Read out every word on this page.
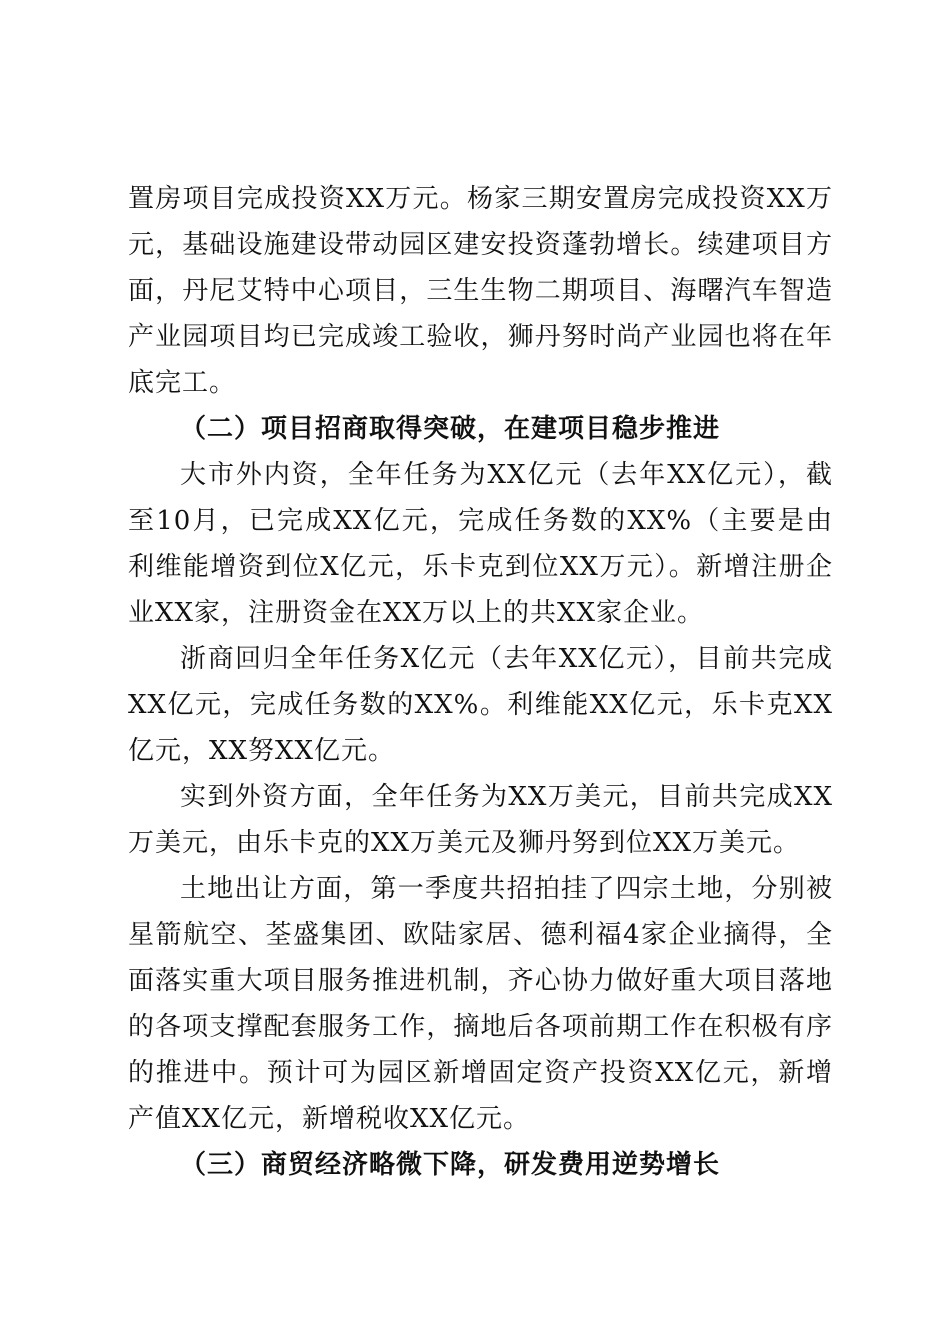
置房项目完成投资XX万元。杨家三期安置房完成投资XX万元，基础设施建设带动园区建安投资蓬勃增长。续建项目方面，丹尼艾特中心项目，三生生物二期项目、海曙汽车智造产业园项目均已完成竣工验收，狮丹努时尚产业园也将在年底完工。

（二）项目招商取得突破，在建项目稳步推进

大市外内资，全年任务为XX亿元（去年XX亿元），截至10月，已完成XX亿元，完成任务数的XX%（主要是由利维能增资到位X亿元，乐卡克到位XX万元）。新增注册企业XX家，注册资金在XX万以上的共XX家企业。

浙商回归全年任务X亿元（去年XX亿元），目前共完成XX亿元，完成任务数的XX%。利维能XX亿元，乐卡克XX亿元，XX努XX亿元。

实到外资方面，全年任务为XX万美元，目前共完成XX万美元，由乐卡克的XX万美元及狮丹努到位XX万美元。

土地出让方面，第一季度共招拍挂了四宗土地，分别被星箭航空、荃盛集团、欧陆家居、德利福4家企业摘得，全面落实重大项目服务推进机制，齐心协力做好重大项目落地的各项支撑配套服务工作，摘地后各项前期工作在积极有序的推进中。预计可为园区新增固定资产投资XX亿元，新增产值XX亿元，新增税收XX亿元。

（三）商贸经济略微下降，研发费用逆势增长
